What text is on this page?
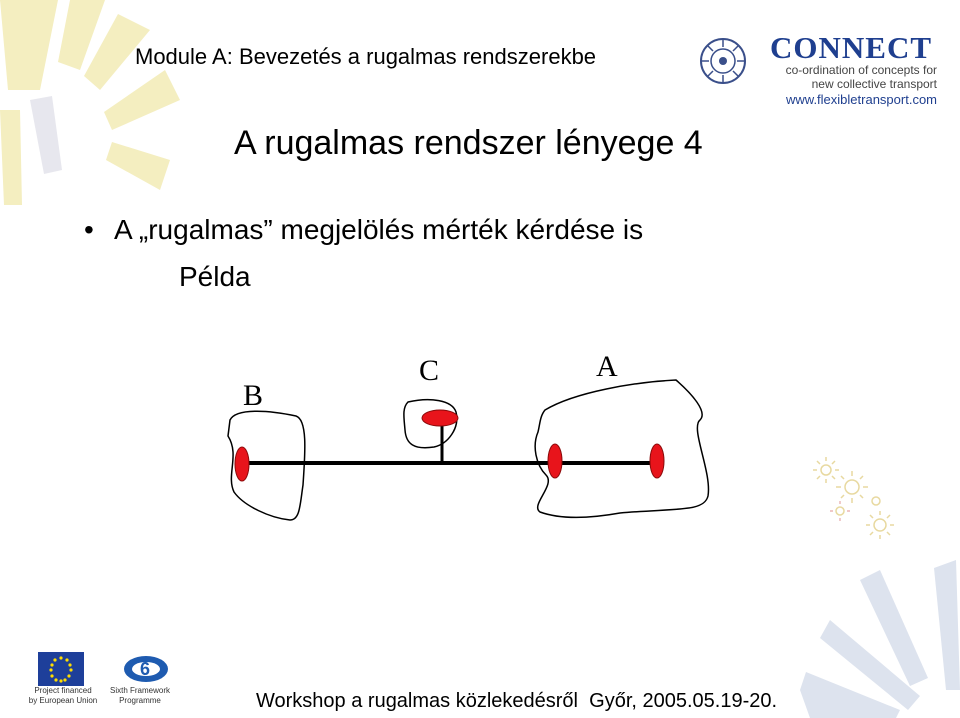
Module A: Bevezetés a rugalmas rendszerekbe	CONNECT
co-ordination of concepts for
new collective transport
www.flexibletransport.com
A rugalmas rendszer lényege 4
• A „rugalmas” megjelölés mérték kérdése is
Példa
B
C	A
6
Project financed
by European Union
Sixth Framework
Programme	Workshop a rugalmas közlekedésről Győr, 2005.05.19-20.
